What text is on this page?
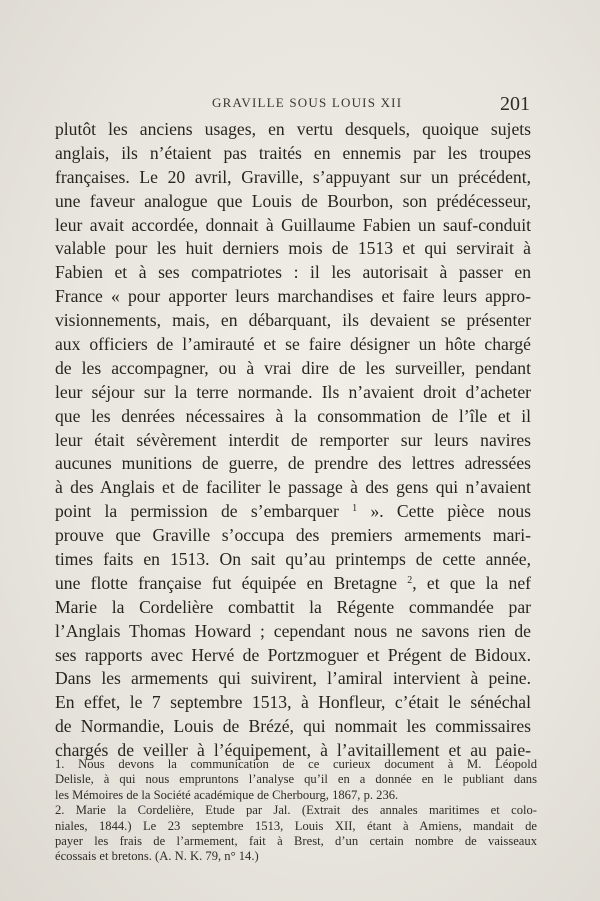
GRAVILLE SOUS LOUIS XII	201
plutôt les anciens usages, en vertu desquels, quoique sujets
anglais, ils n’étaient pas traités en ennemis par les troupes
françaises. Le 20 avril, Graville, s’appuyant sur un précédent,
une faveur analogue que Louis de Bourbon, son prédécesseur,
leur avait accordée, donnait à Guillaume Fabien un sauf-conduit
valable pour les huit derniers mois de 1513 et qui servirait à
Fabien et à ses compatriotes : il les autorisait à passer en
France « pour apporter leurs marchandises et faire leurs appro-
visionnements, mais, en débarquant, ils devaient se présenter
aux officiers de l’amirauté et se faire désigner un hôte chargé
de les accompagner, ou à vrai dire de les surveiller, pendant
leur séjour sur la terre normande. Ils n’avaient droit d’acheter
que les denrées nécessaires à la consommation de l’île et il
leur était sévèrement interdit de remporter sur leurs navires
aucunes munitions de guerre, de prendre des lettres adressées
à des Anglais et de faciliter le passage à des gens qui n’avaient
point la permission de s’embarquer $^1$ ». Cette pièce nous
prouve que Graville s’occupa des premiers armements mari-
times faits en 1513. On sait qu’au printemps de cette année,
une flotte française fut équipée en Bretagne $^2$, et que la nef
Marie la Cordelière combattit la Régente commandée par
l’Anglais Thomas Howard ; cependant nous ne savons rien de
ses rapports avec Hervé de Portzmoguer et Prégent de Bidoux.
Dans les armements qui suivirent, l’amiral intervient à peine.
En effet, le 7 septembre 1513, à Honfleur, c’était le sénéchal
de Normandie, Louis de Brézé, qui nommait les commissaires
chargés de veiller à l’équipement, à l’avitaillement et au paie-
1. Nous devons la communication de ce curieux document à M. Léopold
Delisle, à qui nous empruntons l’analyse qu’il en a donnée en le publiant dans
les Mémoires de la Société académique de Cherbourg, 1867, p. 236.
2. Marie la Cordelière, Etude par Jal. (Extrait des annales maritimes et colo-
niales, 1844.) Le 23 septembre 1513, Louis XII, étant à Amiens, mandait de
payer les frais de l’armement, fait à Brest, d’un certain nombre de vaisseaux
écossais et bretons. (A. N. K. 79, n° 14.)
